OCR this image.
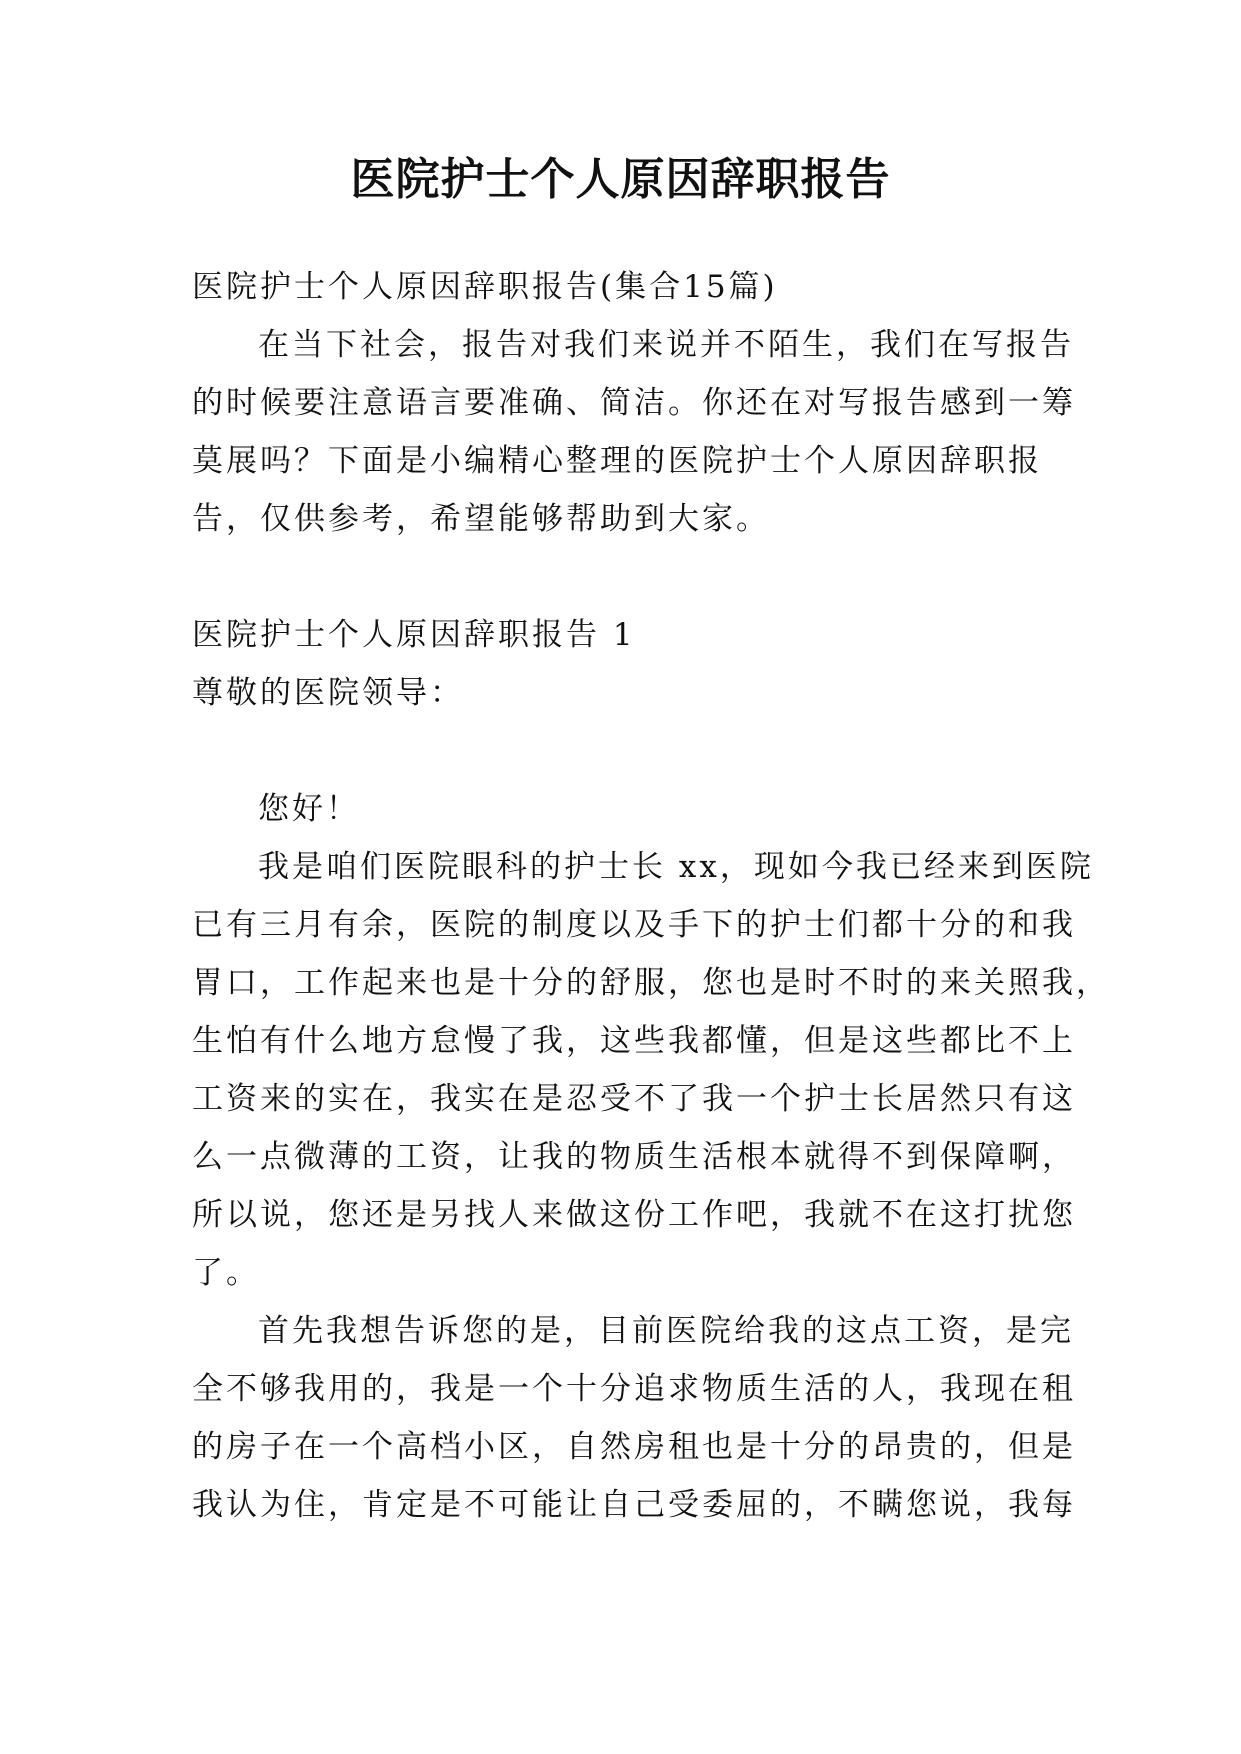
医院护士个人原因辞职报告
医院护士个人原因辞职报告(集合15篇)
在当下社会，报告对我们来说并不陌生，我们在写报告
的时候要注意语言要准确、简洁。你还在对写报告感到一筹
莫展吗？下面是小编精心整理的医院护士个人原因辞职报
告，仅供参考，希望能够帮助到大家。
医院护士个人原因辞职报告 1
尊敬的医院领导：
您好！
我是咱们医院眼科的护士长 xx，现如今我已经来到医院
已有三月有余，医院的制度以及手下的护士们都十分的和我
胃口，工作起来也是十分的舒服，您也是时不时的来关照我，
生怕有什么地方怠慢了我，这些我都懂，但是这些都比不上
工资来的实在，我实在是忍受不了我一个护士长居然只有这
么一点微薄的工资，让我的物质生活根本就得不到保障啊，
所以说，您还是另找人来做这份工作吧，我就不在这打扰您
了。
首先我想告诉您的是，目前医院给我的这点工资，是完
全不够我用的，我是一个十分追求物质生活的人，我现在租
的房子在一个高档小区，自然房租也是十分的昂贵的，但是
我认为住，肯定是不可能让自己受委屈的，不瞒您说，我每
